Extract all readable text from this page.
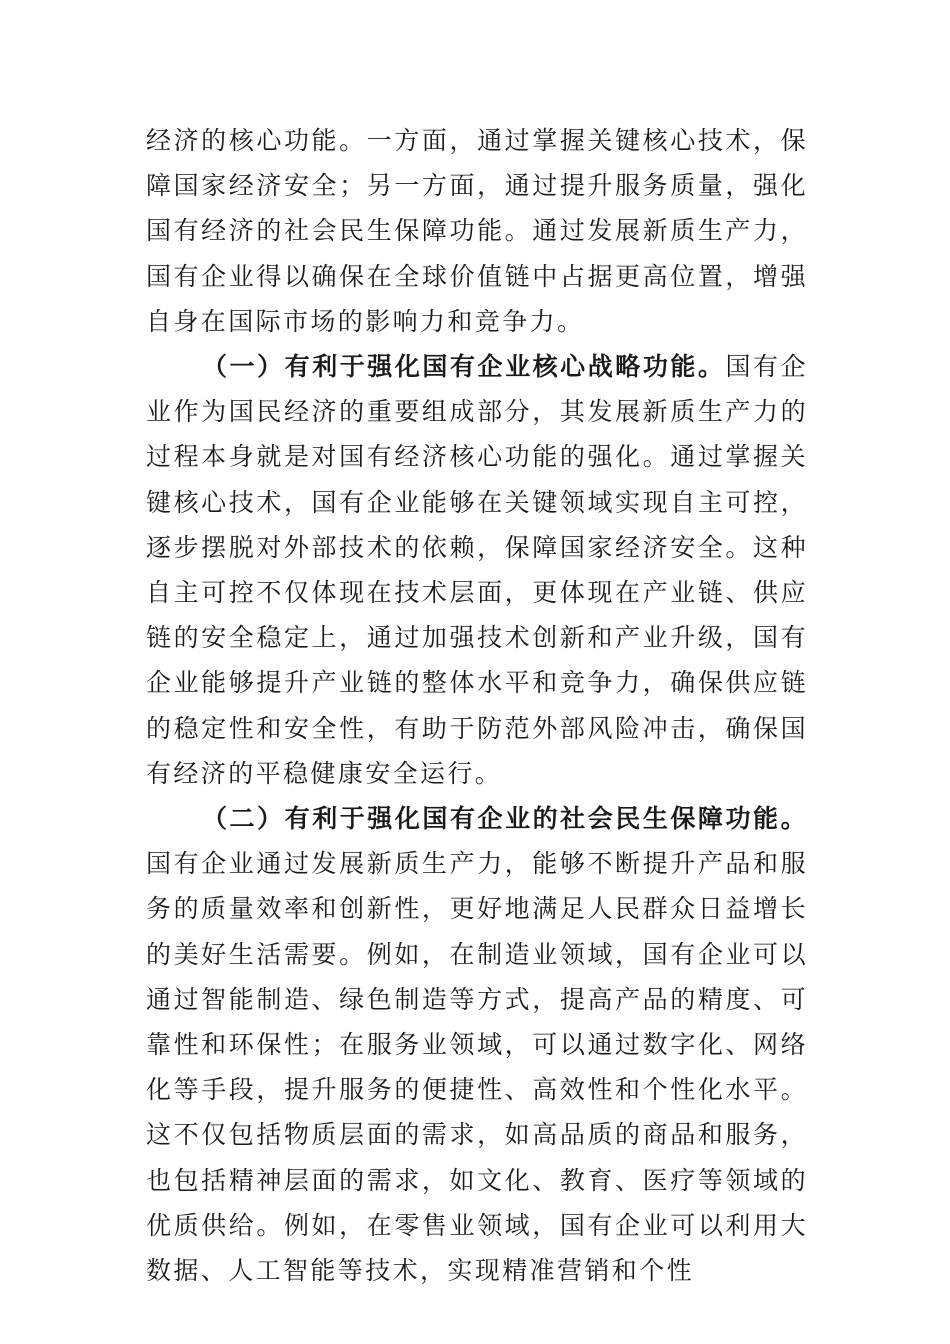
经济的核心功能。一方面，通过掌握关键核心技术，保障国家经济安全；另一方面，通过提升服务质量，强化国有经济的社会民生保障功能。通过发展新质生产力，国有企业得以确保在全球价值链中占据更高位置，增强自身在国际市场的影响力和竞争力。

（一）有利于强化国有企业核心战略功能。国有企业作为国民经济的重要组成部分，其发展新质生产力的过程本身就是对国有经济核心功能的强化。通过掌握关键核心技术，国有企业能够在关键领域实现自主可控，逐步摆脱对外部技术的依赖，保障国家经济安全。这种自主可控不仅体现在技术层面，更体现在产业链、供应链的安全稳定上，通过加强技术创新和产业升级，国有企业能够提升产业链的整体水平和竞争力，确保供应链的稳定性和安全性，有助于防范外部风险冲击，确保国有经济的平稳健康安全运行。

（二）有利于强化国有企业的社会民生保障功能。国有企业通过发展新质生产力，能够不断提升产品和服务的质量效率和创新性，更好地满足人民群众日益增长的美好生活需要。例如，在制造业领域，国有企业可以通过智能制造、绿色制造等方式，提高产品的精度、可靠性和环保性；在服务业领域，可以通过数字化、网络化等手段，提升服务的便捷性、高效性和个性化水平。这不仅包括物质层面的需求，如高品质的商品和服务，也包括精神层面的需求，如文化、教育、医疗等领域的优质供给。例如，在零售业领域，国有企业可以利用大数据、人工智能等技术，实现精准营销和个性
